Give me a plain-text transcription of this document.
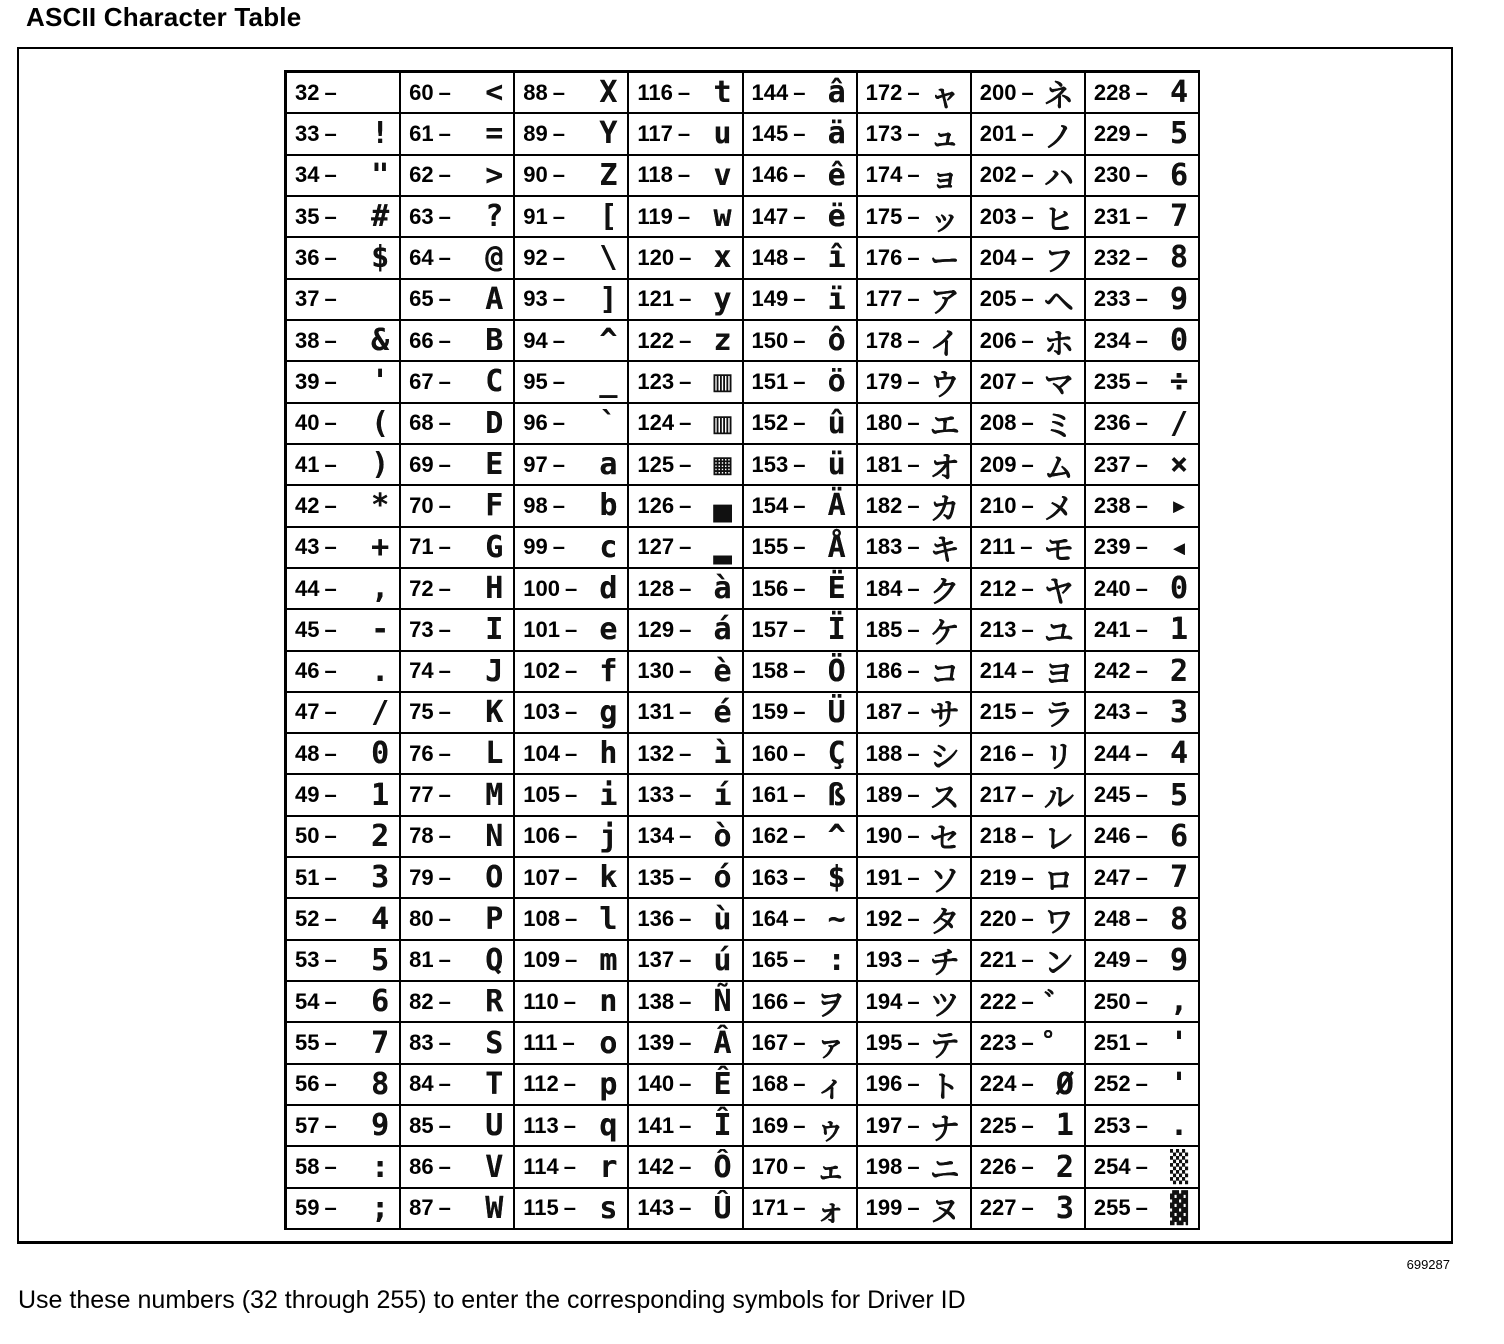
ASCII Character Table
32 –
33 – !
34 – "
35 – #
36 – $
37 –
38 – &
39 – '
40 – (
41 – )
42 – *
43 – +
44 – ,
45 – -
46 – .
47 – /
48 – 0
49 – 1
50 – 2
51 – 3
52 – 4
53 – 5
54 – 6
55 – 7
56 – 8
57 – 9
58 – :
59 – ;
60 – <
61 – =
62 – >
63 – ?
64 – @
65 – A
66 – B
67 – C
68 – D
69 – E
70 – F
71 – G
72 – H
73 – I
74 – J
75 – K
76 – L
77 – M
78 – N
79 – O
80 – P
81 – Q
82 – R
83 – S
84 – T
85 – U
86 – V
87 – W
88 – X
89 – Y
90 – Z
91 – [
92 – \
93 – ]
94 – ^
95 – _
96 – `
97 – a
98 – b
99 – c
100 – d
101 – e
102 – f
103 – g
104 – h
105 – i
106 – j
107 – k
108 – l
109 – m
110 – n
111 – o
112 – p
113 – q
114 – r
115 – s
116 – t
117 – u
118 – v
119 – w
120 – x
121 – y
122 – z
123 – ▥
124 – ▥
125 – ▦
126 – ▄
127 – ▂
128 – à
129 – á
130 – è
131 – é
132 – ì
133 – í
134 – ò
135 – ó
136 – ù
137 – ú
138 – Ñ
139 – Â
140 – Ê
141 – Î
142 – Ô
143 – Û
144 – â
145 – ä
146 – ê
147 – ë
148 – î
149 – ï
150 – ô
151 – ö
152 – û
153 – ü
154 – Ä
155 – Å
156 – Ë
157 – Ï
158 – Ö
159 – Ü
160 – Ç
161 – ß
162 – ^
163 – $
164 – ~
165 – :
166 – ヲ
167 – ァ
168 – ィ
169 – ゥ
170 – ェ
171 – ォ
172 – ャ
173 – ュ
174 – ョ
175 – ッ
176 – ー
177 – ア
178 – イ
179 – ウ
180 – エ
181 – オ
182 – カ
183 – キ
184 – ク
185 – ケ
186 – コ
187 – サ
188 – シ
189 – ス
190 – セ
191 – ソ
192 – タ
193 – チ
194 – ツ
195 – テ
196 – ト
197 – ナ
198 – ニ
199 – ヌ
200 – ネ
201 – ノ
202 – ハ
203 – ヒ
204 – フ
205 – ヘ
206 – ホ
207 – マ
208 – ミ
209 – ム
210 – メ
211 – モ
212 – ヤ
213 – ユ
214 – ヨ
215 – ラ
216 – リ
217 – ル
218 – レ
219 – ロ
220 – ワ
221 – ン
222 – ゛
223 – ゜
224 – Ø
225 – 1
226 – 2
227 – 3
228 – 4
229 – 5
230 – 6
231 – 7
232 – 8
233 – 9
234 – 0
235 – ÷
236 – /
237 – ×
238 – ▸
239 – ◂
240 – 0
241 – 1
242 – 2
243 – 3
244 – 4
245 – 5
246 – 6
247 – 7
248 – 8
249 – 9
250 – ,
251 – '
252 – '
253 – .
254 – ▒
255 – ▓
699287
Use these numbers (32 through 255) to enter the corresponding symbols for Driver ID
